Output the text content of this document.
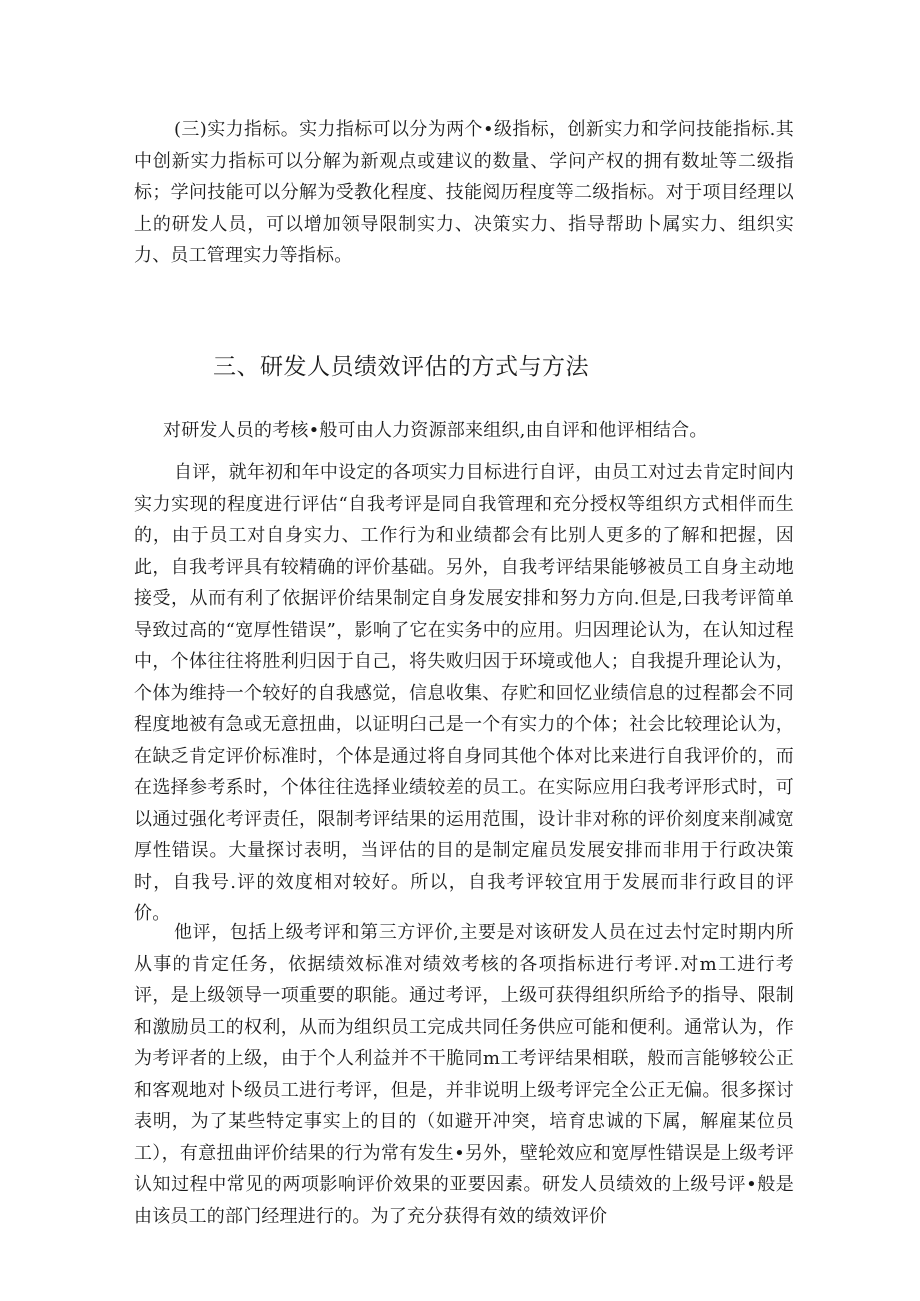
(三)实力指标。实力指标可以分为两个•级指标，创新实力和学问技能指标.其中创新实力指标可以分解为新观点或建议的数量、学问产权的拥有数址等二级指标；学问技能可以分解为受教化程度、技能阅历程度等二级指标。对于项目经理以上的研发人员，可以增加领导限制实力、决策实力、指导帮助卜属实力、组织实力、员工管理实力等指标。

三、研发人员绩效评估的方式与方法

对研发人员的考核•般可由人力资源部来组织,由自评和他评相结合。

自评，就年初和年中设定的各项实力目标进行自评，由员工对过去肯定时间内实力实现的程度进行评估“自我考评是同自我管理和充分授权等组织方式相伴而生的，由于员工对自身实力、工作行为和业绩都会有比别人更多的了解和把握，因此，自我考评具有较精确的评价基础。另外，自我考评结果能够被员工自身主动地接受，从而有利了依据评价结果制定自身发展安排和努力方向.但是,曰我考评简单导致过高的“宽厚性错误”，影响了它在实务中的应用。归因理论认为，在认知过程中，个体往往将胜利归因于自己，将失败归因于环境或他人；自我提升理论认为，个体为维持一个较好的自我感觉，信息收集、存贮和回忆业绩信息的过程都会不同程度地被有急或无意扭曲，以证明臼己是一个有实力的个体；社会比较理论认为，在缺乏肯定评价标准时，个体是通过将自身同其他个体对比来进行自我评价的，而在选择参考系时，个体往往选择业绩较差的员工。在实际应用臼我考评形式时，可以通过强化考评责任，限制考评结果的运用范围，设计非对称的评价刻度来削减宽厚性错误。大量探讨表明，当评估的目的是制定雇员发展安排而非用于行政决策时，自我号.评的效度相对较好。所以，自我考评较宜用于发展而非行政目的评价。

他评，包括上级考评和第三方评价,主要是对该研发人员在过去忖定时期内所从事的肯定任务，依据绩效标准对绩效考核的各项指标进行考评.对m工进行考评，是上级领导一项重要的职能。通过考评，上级可获得组织所给予的指导、限制和激励员工的权利，从而为组织员工完成共同任务供应可能和便利。通常认为，作为考评者的上级，由于个人利益并不干脆同m工考评结果相联，般而言能够较公正和客观地对卜级员工进行考评，但是，并非说明上级考评完全公正无偏。很多探讨表明，为了某些特定事实上的目的（如避开冲突，培育忠诚的下属，解雇某位员工），有意扭曲评价结果的行为常有发生•另外，壁轮效应和宽厚性错误是上级考评认知过程中常见的两项影响评价效果的亚要因素。研发人员绩效的上级号评•般是由该员工的部门经理进行的。为了充分获得有效的绩效评价
